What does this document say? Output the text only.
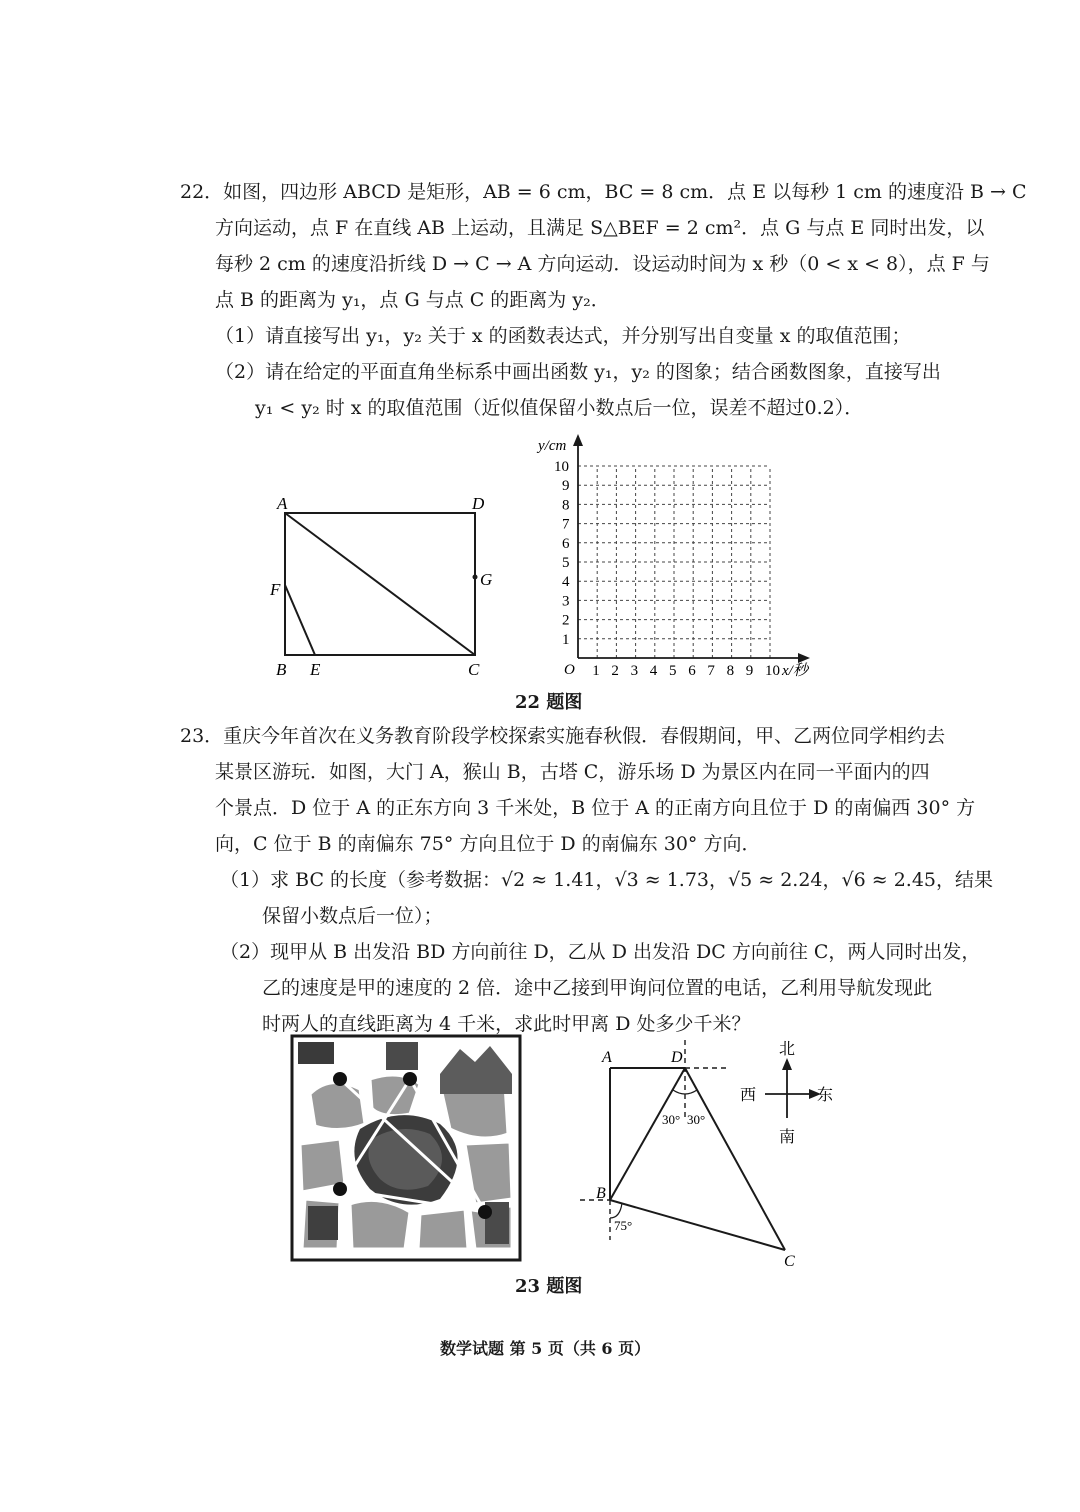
22．如图，四边形 ABCD 是矩形，AB = 6 cm，BC = 8 cm．点 E 以每秒 1 cm 的速度沿 B → C
方向运动，点 F 在直线 AB 上运动，且满足 S△BEF = 2 cm²．点 G 与点 E 同时出发，以
每秒 2 cm 的速度沿折线 D → C → A 方向运动．设运动时间为 x 秒（0 < x < 8），点 F 与
点 B 的距离为 y₁，点 G 与点 C 的距离为 y₂．
（1）请直接写出 y₁，y₂ 关于 x 的函数表达式，并分别写出自变量 x 的取值范围；
（2）请在给定的平面直角坐标系中画出函数 y₁，y₂ 的图象；结合函数图象，直接写出
y₁ < y₂ 时 x 的取值范围（近似值保留小数点后一位，误差不超过0.2）．
A	D
F
G
B E	C
y/cm
x/秒
O 1 2 3 4 5 6 7 8 9 10
1
2
3
4
5
6
7
8
9
10
22 题图
23．重庆今年首次在义务教育阶段学校探索实施春秋假．春假期间，甲、乙两位同学相约去
某景区游玩．如图，大门 A，猴山 B，古塔 C，游乐场 D 为景区内在同一平面内的四
个景点．D 位于 A 的正东方向 3 千米处，B 位于 A 的正南方向且位于 D 的南偏西 30° 方
向，C 位于 B 的南偏东 75° 方向且位于 D 的南偏东 30° 方向．
（1）求 BC 的长度（参考数据：√2 ≈ 1.41，√3 ≈ 1.73，√5 ≈ 2.24，√6 ≈ 2.45，结果
保留小数点后一位）；
（2）现甲从 B 出发沿 BD 方向前往 D，乙从 D 出发沿 DC 方向前往 C，两人同时出发，
乙的速度是甲的速度的 2 倍．途中乙接到甲询问位置的电话，乙利用导航发现此
时两人的直线距离为 4 千米，求此时甲离 D 处多少千米？
A	D
B
C
30° 30°
75°
北
西	东
南
23 题图
数学试题 第 5 页（共 6 页）
